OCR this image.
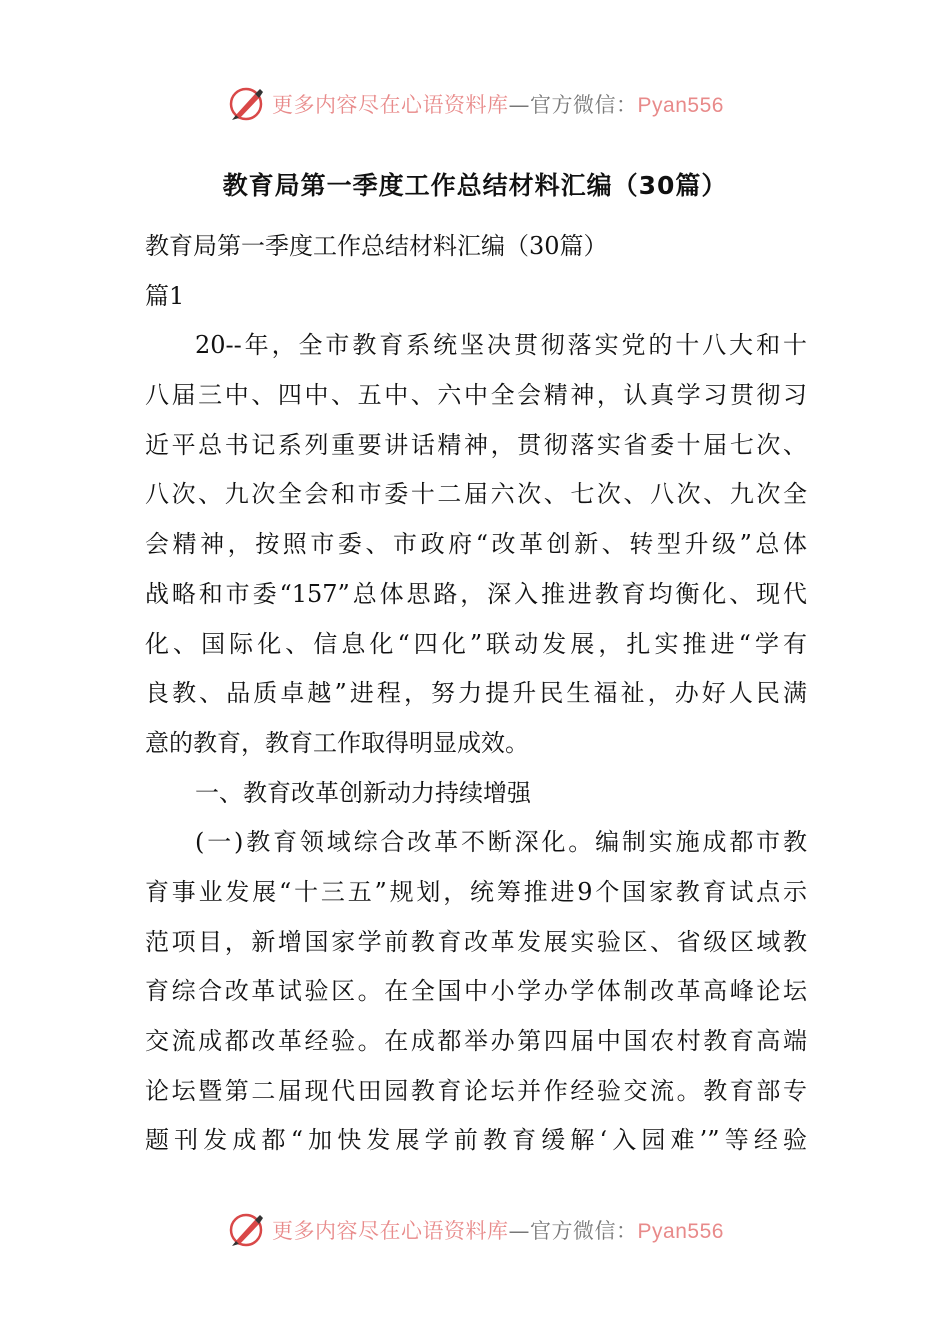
更多内容尽在心语资料库—官方微信：Pyan556
教育局第一季度工作总结材料汇编（30篇）
教育局第一季度工作总结材料汇编（30篇）
篇1
20--年，全市教育系统坚决贯彻落实党的十八大和十
八届三中、四中、五中、六中全会精神，认真学习贯彻习
近平总书记系列重要讲话精神，贯彻落实省委十届七次、
八次、九次全会和市委十二届六次、七次、八次、九次全
会精神，按照市委、市政府“改革创新、转型升级”总体
战略和市委“157”总体思路，深入推进教育均衡化、现代
化、国际化、信息化“四化”联动发展，扎实推进“学有
良教、品质卓越”进程，努力提升民生福祉，办好人民满
意的教育，教育工作取得明显成效。
一、教育改革创新动力持续增强
(一)教育领域综合改革不断深化。编制实施成都市教
育事业发展“十三五”规划，统筹推进9个国家教育试点示
范项目，新增国家学前教育改革发展实验区、省级区域教
育综合改革试验区。在全国中小学办学体制改革高峰论坛
交流成都改革经验。在成都举办第四届中国农村教育高端
论坛暨第二届现代田园教育论坛并作经验交流。教育部专
题刊发成都“加快发展学前教育缓解‘入园难’”等经验
更多内容尽在心语资料库—官方微信：Pyan556
